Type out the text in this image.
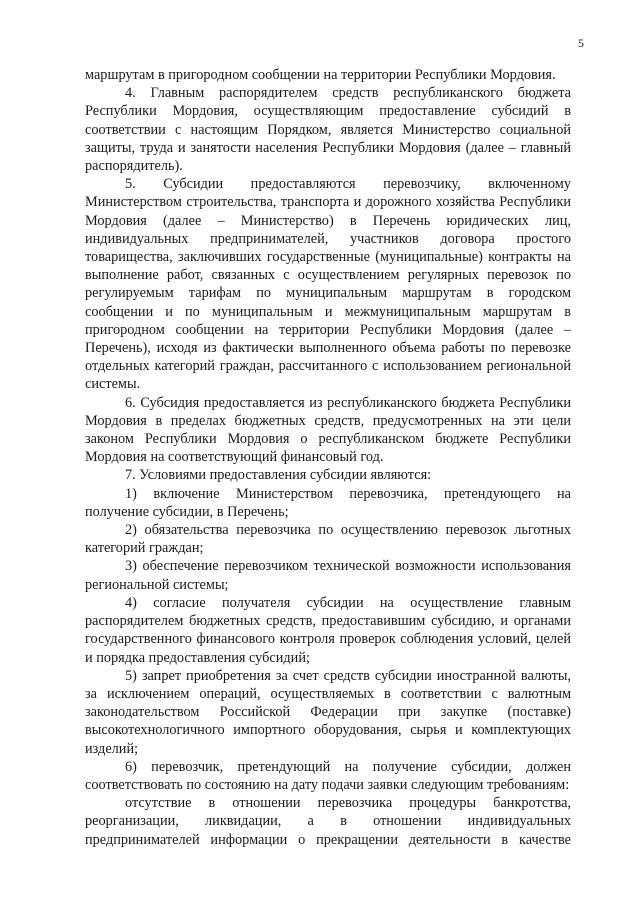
5

маршрутам в пригородном сообщении на территории Республики Мордовия.

4. Главным распорядителем средств республиканского бюджета Республики Мордовия, осуществляющим предоставление субсидий в соответствии с настоящим Порядком, является Министерство социальной защиты, труда и занятости населения Республики Мордовия (далее – главный распорядитель).

5. Субсидии предоставляются перевозчику, включенному Министерством строительства, транспорта и дорожного хозяйства Республики Мордовия (далее – Министерство) в Перечень юридических лиц, индивидуальных предпринимателей, участников договора простого товарищества, заключивших государственные (муниципальные) контракты на выполнение работ, связанных с осуществлением регулярных перевозок по регулируемым тарифам по муниципальным маршрутам в городском сообщении и по муниципальным и межмуниципальным маршрутам в пригородном сообщении на территории Республики Мордовия (далее – Перечень), исходя из фактически выполненного объема работы по перевозке отдельных категорий граждан, рассчитанного с использованием региональной системы.

6. Субсидия предоставляется из республиканского бюджета Республики Мордовия в пределах бюджетных средств, предусмотренных на эти цели законом Республики Мордовия о республиканском бюджете Республики Мордовия на соответствующий финансовый год.

7. Условиями предоставления субсидии являются:

1) включение Министерством перевозчика, претендующего на получение субсидии, в Перечень;

2) обязательства перевозчика по осуществлению перевозок льготных категорий граждан;

3) обеспечение перевозчиком технической возможности использования региональной системы;

4) согласие получателя субсидии на осуществление главным распорядителем бюджетных средств, предоставившим субсидию, и органами государственного финансового контроля проверок соблюдения условий, целей и порядка предоставления субсидий;

5) запрет приобретения за счет средств субсидии иностранной валюты, за исключением операций, осуществляемых в соответствии с валютным законодательством Российской Федерации при закупке (поставке) высокотехнологичного импортного оборудования, сырья и комплектующих изделий;

6) перевозчик, претендующий на получение субсидии, должен соответствовать по состоянию на дату подачи заявки следующим требованиям:

отсутствие в отношении перевозчика процедуры банкротства, реорганизации, ликвидации, а в отношении индивидуальных предпринимателей информации о прекращении деятельности в качестве
